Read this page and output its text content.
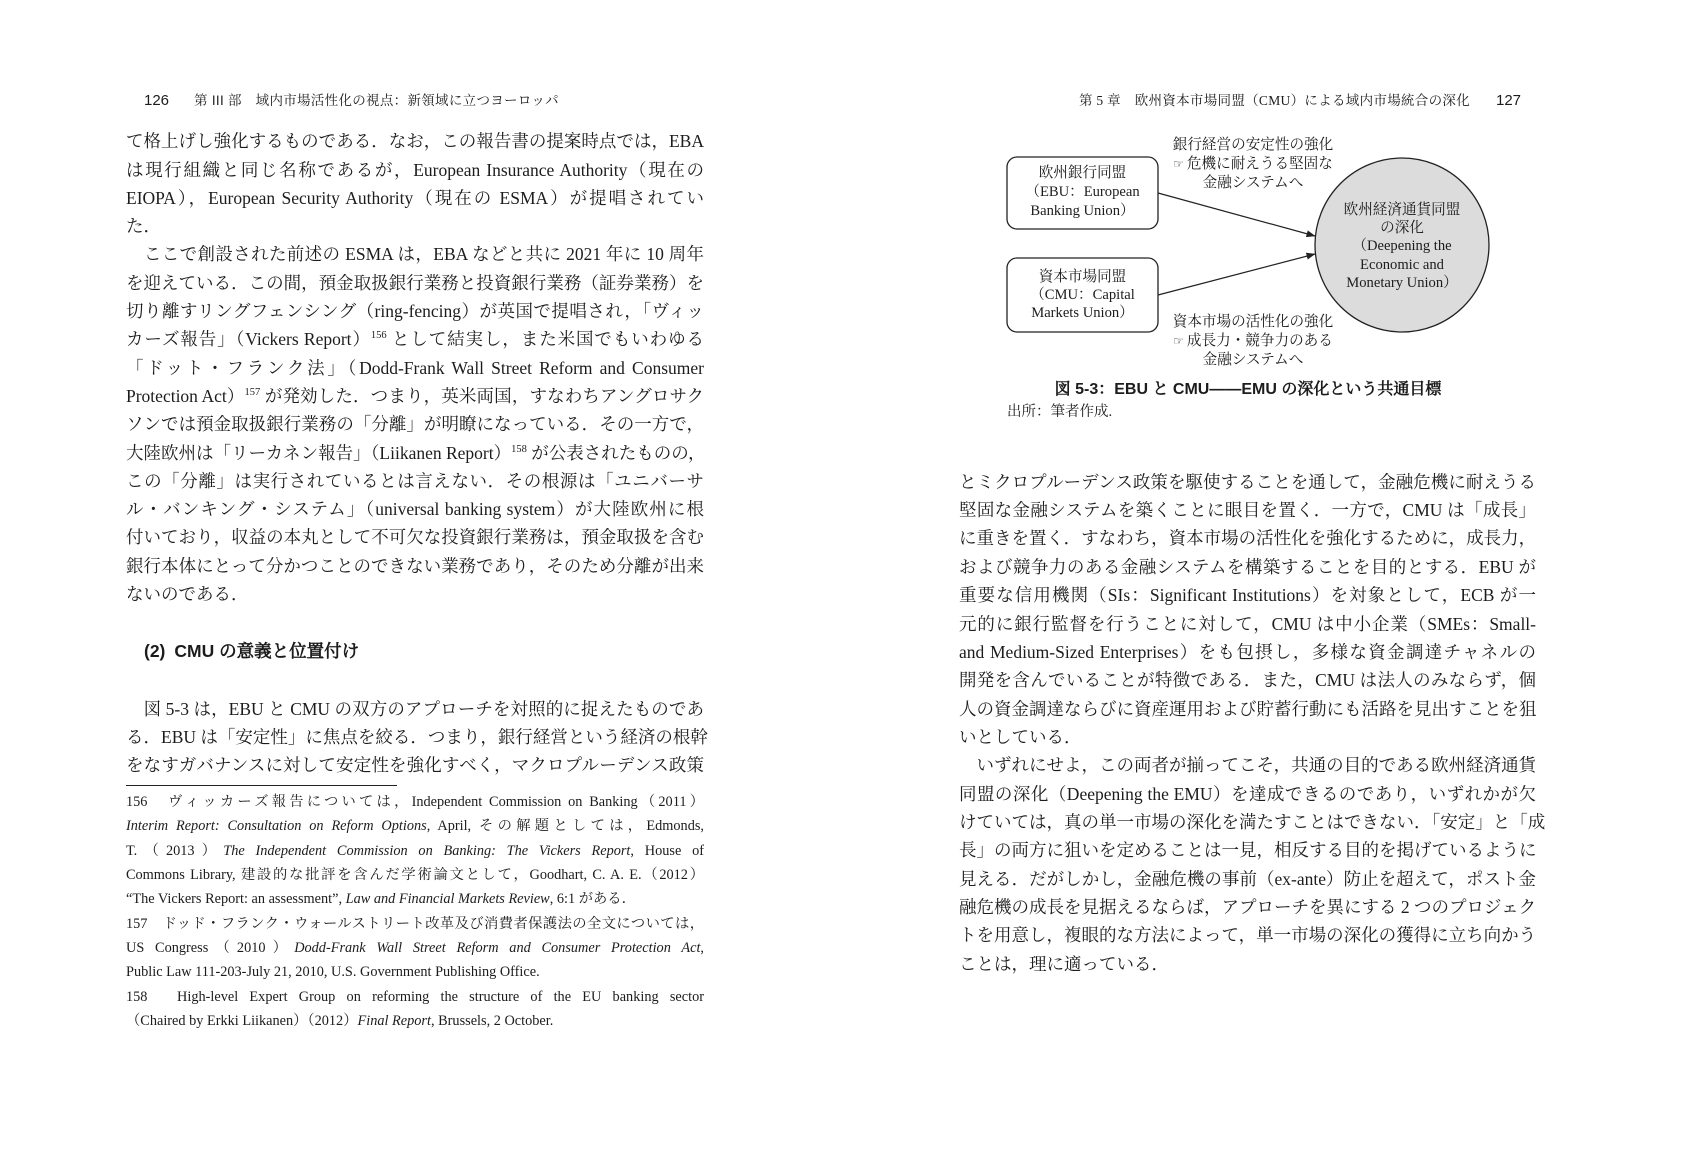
126 第 III 部　域内市場活性化の視点：新領域に立つヨーロッパ
て格上げし強化するものである．なお，この報告書の提案時点では，EBA
は現行組織と同じ名称であるが，European Insurance Authority（現在の
EIOPA），European Security Authority（現在の ESMA）が提唱されてい
た．
　ここで創設された前述の ESMA は，EBA などと共に 2021 年に 10 周年
を迎えている．この間，預金取扱銀行業務と投資銀行業務（証券業務）を
切り離すリングフェンシング（ring-fencing）が英国で提唱され，「ヴィッ
カーズ報告」（Vickers Report）$^{156}$ として結実し，また米国でもいわゆる
「ドット・フランク法」（Dodd-Frank Wall Street Reform and Consumer
Protection Act）$^{157}$ が発効した．つまり，英米両国，すなわちアングロサク
ソンでは預金取扱銀行業務の「分離」が明瞭になっている．その一方で，
大陸欧州は「リーカネン報告」（Liikanen Report）$^{158}$ が公表されたものの，
この「分離」は実行されているとは言えない．その根源は「ユニバーサ
ル・バンキング・システム」（universal banking system）が大陸欧州に根
付いており，収益の本丸として不可欠な投資銀行業務は，預金取扱を含む
銀行本体にとって分かつことのできない業務であり，そのため分離が出来
ないのである．
(2) CMU の意義と位置付け
　図 5-3 は，EBU と CMU の双方のアプローチを対照的に捉えたものであ
る．EBU は「安定性」に焦点を絞る．つまり，銀行経営という経済の根幹
をなすガバナンスに対して安定性を強化すべく，マクロプルーデンス政策
156　ヴィッカーズ報告については，Independent Commission on Banking（2011）
Interim Report: Consultation on Reform Options, April, その解題としては，Edmonds,
T.（2013）The Independent Commission on Banking: The Vickers Report, House of
Commons Library, 建設的な批評を含んだ学術論文として，Goodhart, C. A. E.（2012）
“The Vickers Report: an assessment”, Law and Financial Markets Review, 6:1 がある．
157　ドッド・フランク・ウォールストリート改革及び消費者保護法の全文については，
US Congress（2010）Dodd-Frank Wall Street Reform and Consumer Protection Act,
Public Law 111-203-July 21, 2010, U.S. Government Publishing Office.
158　High-level Expert Group on reforming the structure of the EU banking sector
（Chaired by Erkki Liikanen）（2012）Final Report, Brussels, 2 October.
第 5 章　欧州資本市場同盟（CMU）による域内市場統合の深化 127
欧州銀行同盟
（EBU：European
Banking Union）
資本市場同盟
（CMU：Capital
Markets Union）
欧州経済通貨同盟
の深化
（Deepening the
Economic and
Monetary Union）
銀行経営の安定性の強化
☞ 危機に耐えうる堅固な
金融システムへ
資本市場の活性化の強化
☞ 成長力・競争力のある
金融システムへ
図 5-3：EBU と CMU——EMU の深化という共通目標
出所：筆者作成.
とミクロプルーデンス政策を駆使することを通して，金融危機に耐えうる
堅固な金融システムを築くことに眼目を置く．一方で，CMU は「成長」
に重きを置く．すなわち，資本市場の活性化を強化するために，成長力，
および競争力のある金融システムを構築することを目的とする．EBU が
重要な信用機関（SIs：Significant Institutions）を対象として，ECB が一
元的に銀行監督を行うことに対して，CMU は中小企業（SMEs：Small-
and Medium-Sized Enterprises）をも包摂し，多様な資金調達チャネルの
開発を含んでいることが特徴である．また，CMU は法人のみならず，個
人の資金調達ならびに資産運用および貯蓄行動にも活路を見出すことを狙
いとしている．
　いずれにせよ，この両者が揃ってこそ，共通の目的である欧州経済通貨
同盟の深化（Deepening the EMU）を達成できるのであり，いずれかが欠
けていては，真の単一市場の深化を満たすことはできない．「安定」と「成
長」の両方に狙いを定めることは一見，相反する目的を掲げているように
見える．だがしかし，金融危機の事前（ex-ante）防止を超えて，ポスト金
融危機の成長を見据えるならば，アプローチを異にする 2 つのプロジェク
トを用意し，複眼的な方法によって，単一市場の深化の獲得に立ち向かう
ことは，理に適っている．
